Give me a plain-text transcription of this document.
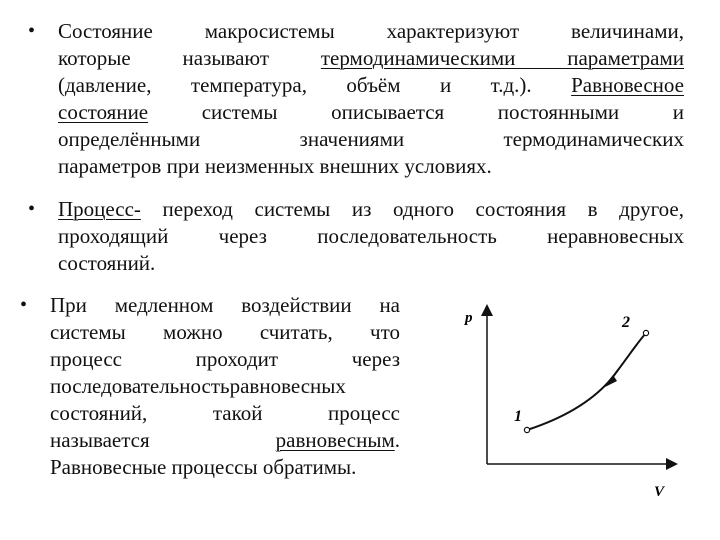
• Состояние макросистемы характеризуют величинами,
которые называют термодинамическими параметрами
(давление, температура, объём и т.д.). Равновесное
состояние системы описывается постоянными и
определёнными значениями термодинамических
параметров при неизменных внешних условиях.
• Процесс- переход системы из одного состояния в другое,
проходящий через последовательность неравновесных
состояний.
• При медленном воздействии на
системы можно считать, что
процесс проходит через
последовательностьравновесных
состояний, такой процесс
называется равновесным.
Равновесные процессы обратимы.
p
V
1
2
